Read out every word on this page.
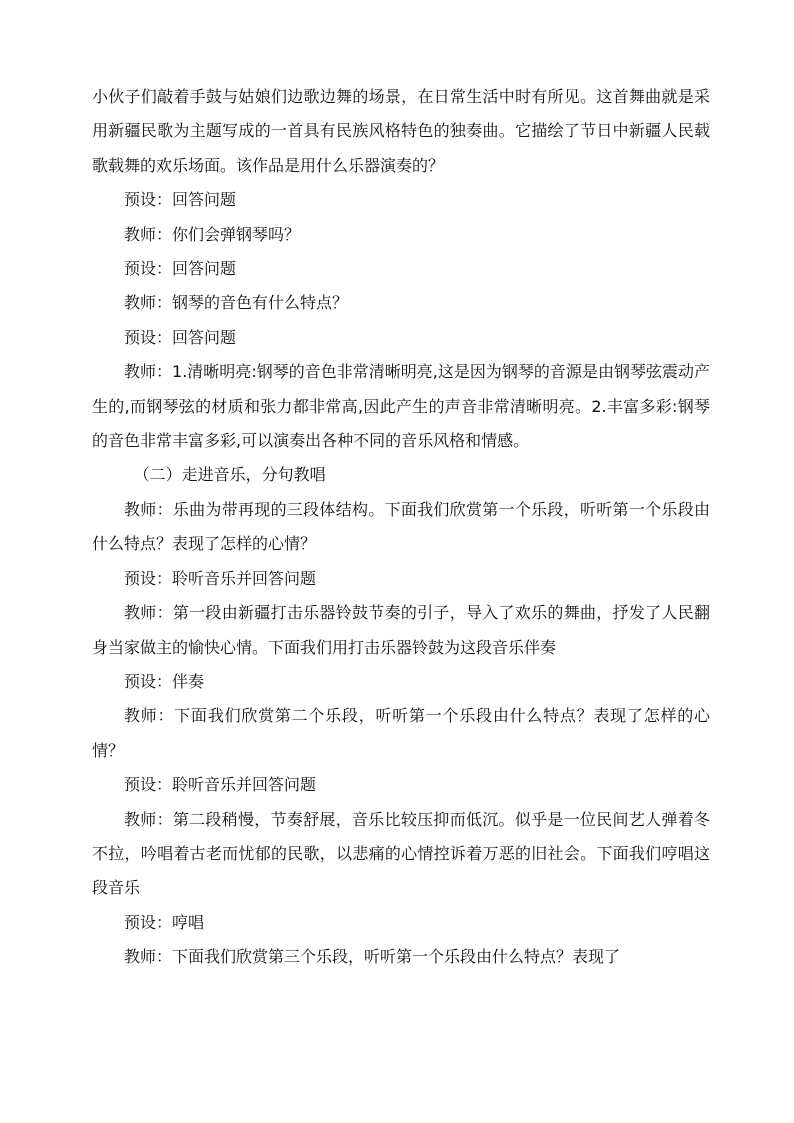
小伙子们敲着手鼓与姑娘们边歌边舞的场景，在日常生活中时有所见。这首舞曲就是采用新疆民歌为主题写成的一首具有民族风格特色的独奏曲。它描绘了节日中新疆人民载歌载舞的欢乐场面。该作品是用什么乐器演奏的？

预设：回答问题

教师：你们会弹钢琴吗？

预设：回答问题

教师：钢琴的音色有什么特点？

预设：回答问题

教师：1.清晰明亮:钢琴的音色非常清晰明亮,这是因为钢琴的音源是由钢琴弦震动产生的,而钢琴弦的材质和张力都非常高,因此产生的声音非常清晰明亮。2.丰富多彩:钢琴的音色非常丰富多彩,可以演奏出各种不同的音乐风格和情感。

（二）走进音乐，分句教唱

教师：乐曲为带再现的三段体结构。下面我们欣赏第一个乐段，听听第一个乐段由什么特点？表现了怎样的心情？

预设：聆听音乐并回答问题

教师：第一段由新疆打击乐器铃鼓节奏的引子，导入了欢乐的舞曲，抒发了人民翻身当家做主的愉快心情。下面我们用打击乐器铃鼓为这段音乐伴奏

预设：伴奏

教师：下面我们欣赏第二个乐段，听听第一个乐段由什么特点？表现了怎样的心情？

预设：聆听音乐并回答问题

教师：第二段稍慢，节奏舒展，音乐比较压抑而低沉。似乎是一位民间艺人弹着冬不拉，吟唱着古老而忧郁的民歌，以悲痛的心情控诉着万恶的旧社会。下面我们哼唱这段音乐

预设：哼唱

教师：下面我们欣赏第三个乐段，听听第一个乐段由什么特点？表现了
